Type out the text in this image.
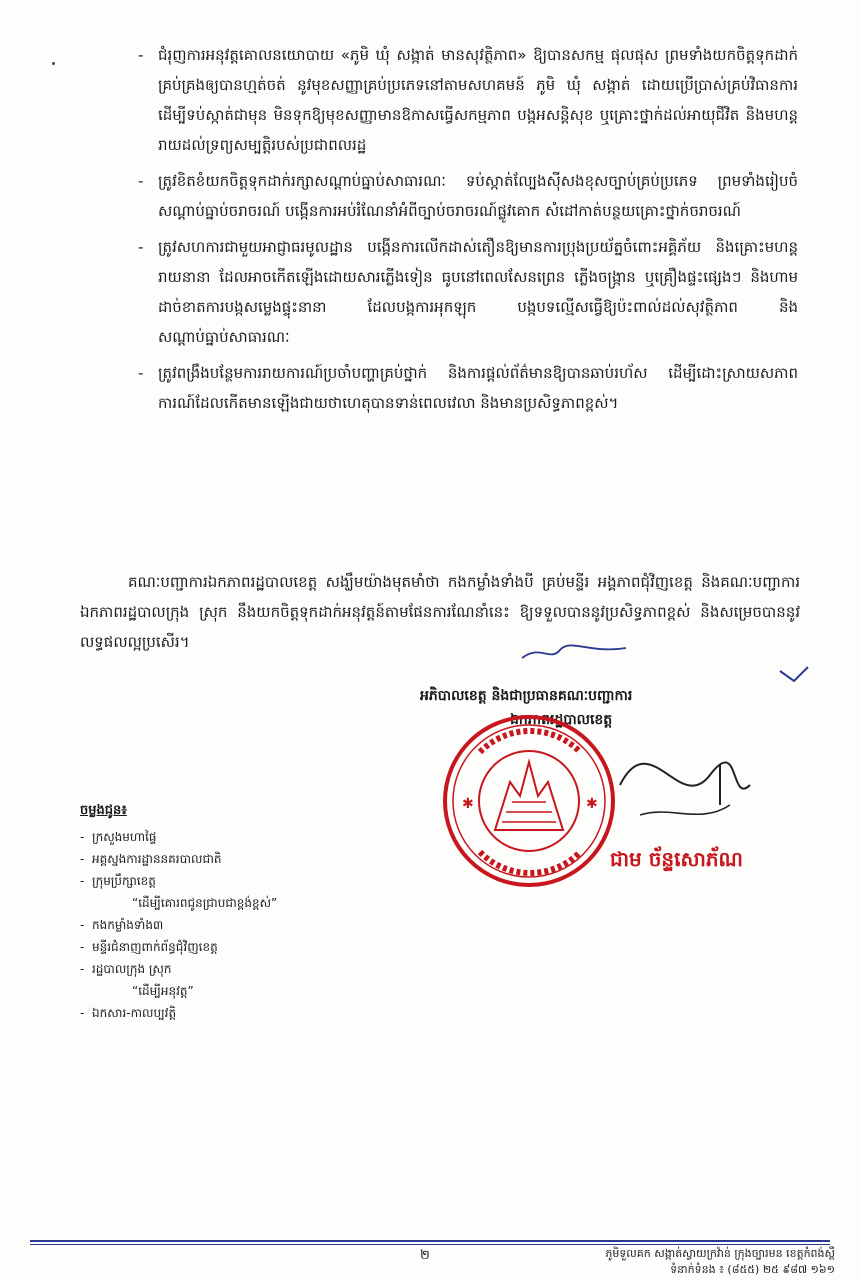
- ជំរុញការអនុវត្តគោលនយោបាយ «ភូមិ ឃុំ សង្កាត់ មានសុវត្ថិភាព» ឱ្យបានសកម្ម ផុលផុស ព្រមទាំងយកចិត្តទុកដាក់គ្រប់គ្រងឲ្យបានហ្មត់ចត់ នូវមុខសញ្ញាគ្រប់ប្រភេទនៅតាមសហគមន៍ ភូមិ ឃុំ សង្កាត់ ដោយប្រើប្រាស់គ្រប់វិធានការ ដើម្បីទប់ស្កាត់ជាមុន មិនទុកឱ្យមុខសញ្ញាមានឱកាសធ្វើសកម្មភាព បង្កអសន្តិសុខ ឬគ្រោះថ្នាក់ដល់អាយុជីវិត និងមហន្តរាយដល់ទ្រព្យសម្បត្តិរបស់ប្រជាពលរដ្ឋ
- ត្រូវខិតខំយកចិត្តទុកដាក់រក្សាសណ្តាប់ធ្នាប់សាធារណៈ ទប់ស្កាត់ល្បែងស៊ីសងខុសច្បាប់គ្រប់ប្រភេទ ព្រមទាំងរៀបចំសណ្តាប់ធ្នាប់ចរាចរណ៍ បង្កើនការអប់រំណែនាំអំពីច្បាប់ចរាចរណ៍ផ្លូវគោក សំដៅកាត់បន្ថយគ្រោះថ្នាក់ចរាចរណ៍
- ត្រូវសហការជាមួយអាជ្ញាធរមូលដ្ឋាន បង្កើនការលើកដាស់តឿនឱ្យមានការប្រុងប្រយ័ត្នចំពោះអគ្គិភ័យ និងគ្រោះមហន្តរាយនានា ដែលអាចកើតឡើងដោយសារភ្លើងទៀន ធូបនៅពេលសែនព្រេន ភ្លើងចង្ក្រាន ឬគ្រឿងផ្ទះផ្សេងៗ និងហាមដាច់ខាតការបង្កសម្លេងផ្ទុះនានា ដែលបង្កការអុកឡុក បង្កបទល្មើសធ្វើឱ្យប៉ះពាល់ដល់សុវត្ថិភាព និងសណ្តាប់ធ្នាប់សាធារណៈ
- ត្រូវពង្រឹងបន្ថែមការរាយការណ៍ប្រចាំបញ្ហាគ្រប់ថ្នាក់ និងការផ្តល់ព័ត៌មានឱ្យបានឆាប់រហ័ស ដើម្បីដោះស្រាយសភាពការណ៍ដែលកើតមានឡើងជាយថាហេតុបានទាន់ពេលវេលា និងមានប្រសិទ្ធភាពខ្ពស់។
គណៈបញ្ជាការឯកភាពរដ្ឋបាលខេត្ត សង្ឃឹមយ៉ាងមុតមាំថា កងកម្លាំងទាំងបី គ្រប់មន្ទីរ អង្គភាពជុំវិញខេត្ត និងគណៈបញ្ជាការឯកភាពរដ្ឋបាលក្រុង ស្រុក នឹងយកចិត្តទុកដាក់អនុវត្តន៍តាមផែនការណែនាំនេះ ឱ្យទទួលបាននូវប្រសិទ្ធភាពខ្ពស់ និងសម្រេចបាននូវលទ្ធផលល្អប្រសើរ។
អភិបាលខេត្ត និងជាប្រធានគណៈបញ្ជាការ
ឯកភាពរដ្ឋបាលខេត្ត
✱	✱
ជាម ច័ន្ទសោភ័ណ
ចម្លងជូន៖
- ក្រសួងមហាផ្ទៃ
- អគ្គស្នងការដ្ឋាននគរបាលជាតិ
- ក្រុមប្រឹក្សាខេត្ត
“ដើម្បីគោរពជូនជ្រាបជាខ្ពង់ខ្ពស់”
- កងកម្លាំងទាំង៣
- មន្ទីរជំនាញពាក់ព័ន្ធជុំវិញខេត្ត
- រដ្ឋបាលក្រុង ស្រុក
“ដើម្បីអនុវត្ត”
- ឯកសារ-កាលប្បវត្តិ
២	ភូមិទួលគក សង្កាត់ស្វាយក្រវ៉ាន់ ក្រុងច្បារមន ខេត្តកំពង់ស្ពឺ
ទំនាក់ទំនង ៖ (៨៥៥) ២៥ ៩៨៧ ១៦១
